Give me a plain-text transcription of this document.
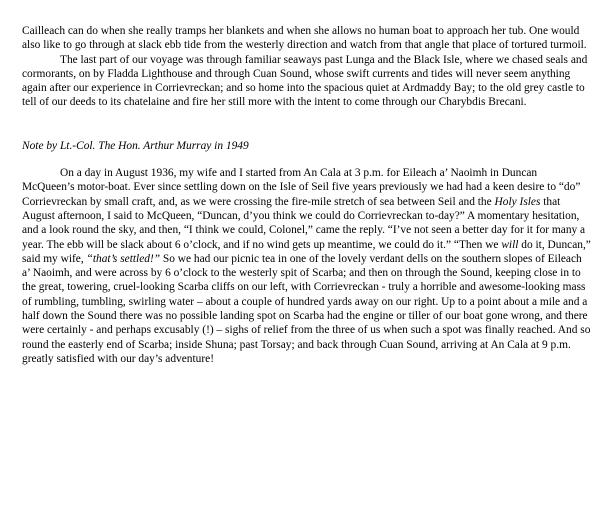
Cailleach can do when she really tramps her blankets and when she allows no human boat to approach her tub. One would also like to go through at slack ebb tide from the westerly direction and watch from that angle that place of tortured turmoil.

The last part of our voyage was through familiar seaways past Lunga and the Black Isle, where we chased seals and cormorants, on by Fladda Lighthouse and through Cuan Sound, whose swift currents and tides will never seem anything again after our experience in Corrievreckan; and so home into the spacious quiet at Ardmaddy Bay; to the old grey castle to tell of our deeds to its chatelaine and fire her still more with the intent to come through our Charybdis Brecani.

Note by Lt.-Col. The Hon. Arthur Murray in 1949

On a day in August 1936, my wife and I started from An Cala at 3 p.m. for Eileach a’ Naoimh in Duncan McQueen’s motor-boat. Ever since settling down on the Isle of Seil five years previously we had had a keen desire to “do” Corrievreckan by small craft, and, as we were crossing the fire-mile stretch of sea between Seil and the Holy Isles that August afternoon, I said to McQueen, “Duncan, d’you think we could do Corrievreckan to-day?” A momentary hesitation, and a look round the sky, and then, “I think we could, Colonel,” came the reply. “I’ve not seen a better day for it for many a year. The ebb will be slack about 6 o’clock, and if no wind gets up meantime, we could do it.” “Then we will do it, Duncan,” said my wife, “that’s settled!” So we had our picnic tea in one of the lovely verdant dells on the southern slopes of Eileach a’ Naoimh, and were across by 6 o’clock to the westerly spit of Scarba; and then on through the Sound, keeping close in to the great, towering, cruel-looking Scarba cliffs on our left, with Corrievreckan - truly a horrible and awesome-looking mass of rumbling, tumbling, swirling water – about a couple of hundred yards away on our right. Up to a point about a mile and a half down the Sound there was no possible landing spot on Scarba had the engine or tiller of our boat gone wrong, and there were certainly - and perhaps excusably (!) – sighs of relief from the three of us when such a spot was finally reached. And so round the easterly end of Scarba; inside Shuna; past Torsay; and back through Cuan Sound, arriving at An Cala at 9 p.m. greatly satisfied with our day’s adventure!
